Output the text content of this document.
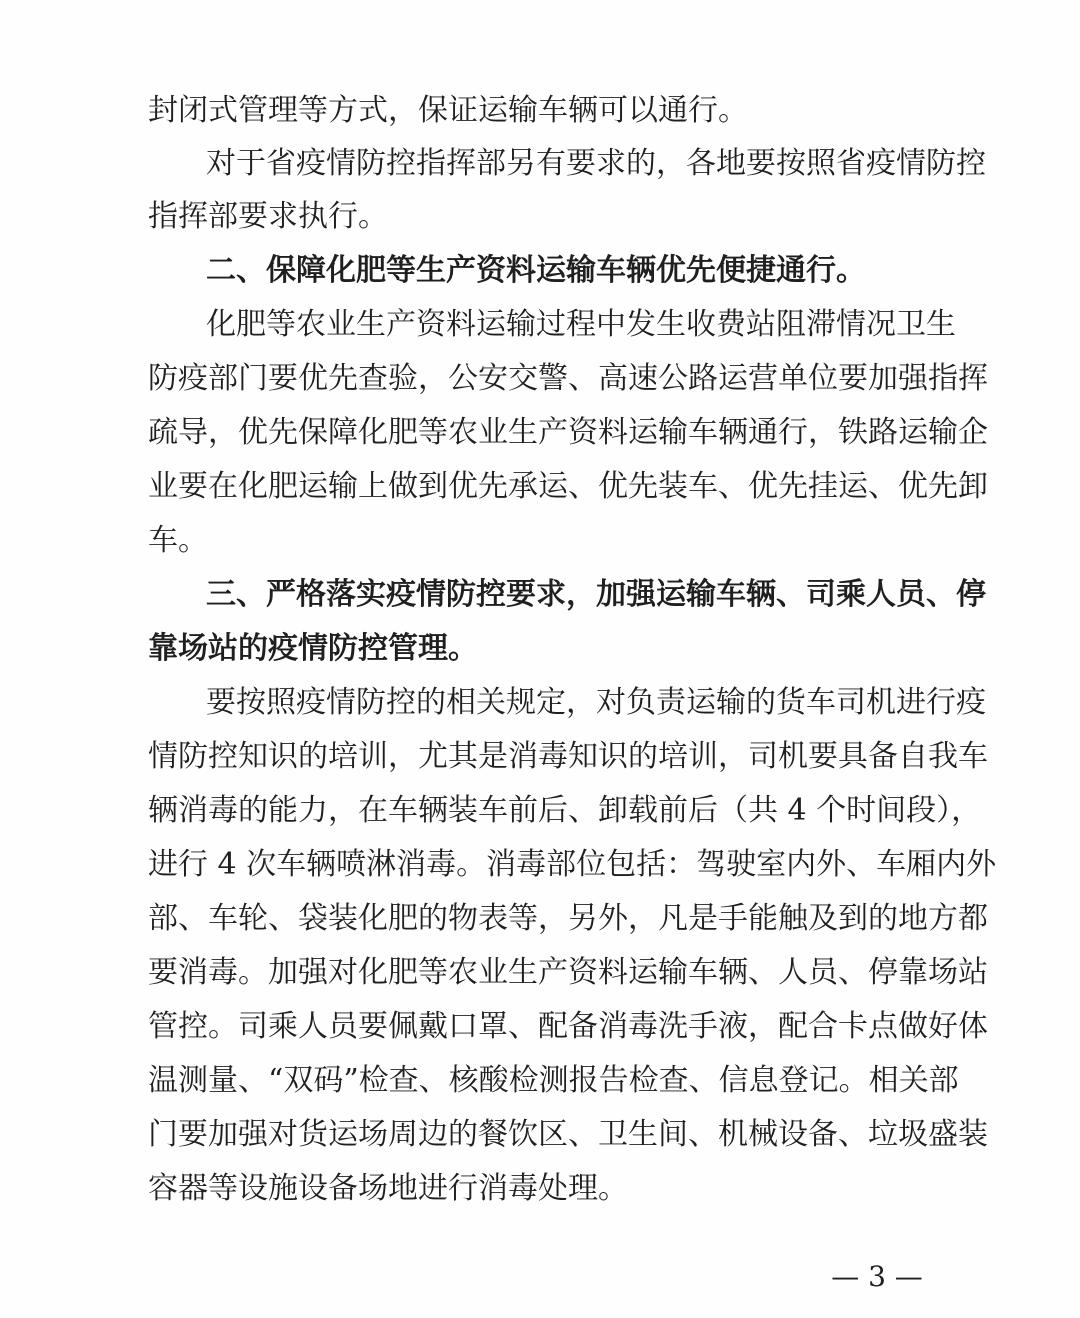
封闭式管理等方式，保证运输车辆可以通行。
对于省疫情防控指挥部另有要求的，各地要按照省疫情防控
指挥部要求执行。
二、保障化肥等生产资料运输车辆优先便捷通行。
化肥等农业生产资料运输过程中发生收费站阻滞情况卫生
防疫部门要优先查验，公安交警、高速公路运营单位要加强指挥
疏导，优先保障化肥等农业生产资料运输车辆通行，铁路运输企
业要在化肥运输上做到优先承运、优先装车、优先挂运、优先卸
车。
三、严格落实疫情防控要求，加强运输车辆、司乘人员、停
靠场站的疫情防控管理。
要按照疫情防控的相关规定，对负责运输的货车司机进行疫
情防控知识的培训，尤其是消毒知识的培训，司机要具备自我车
辆消毒的能力，在车辆装车前后、卸载前后（共 4 个时间段），
进行 4 次车辆喷淋消毒。消毒部位包括：驾驶室内外、车厢内外
部、车轮、袋装化肥的物表等，另外，凡是手能触及到的地方都
要消毒。加强对化肥等农业生产资料运输车辆、人员、停靠场站
管控。司乘人员要佩戴口罩、配备消毒洗手液，配合卡点做好体
温测量、“双码”检查、核酸检测报告检查、信息登记。相关部
门要加强对货运场周边的餐饮区、卫生间、机械设备、垃圾盛装
容器等设施设备场地进行消毒处理。
— 3 —
